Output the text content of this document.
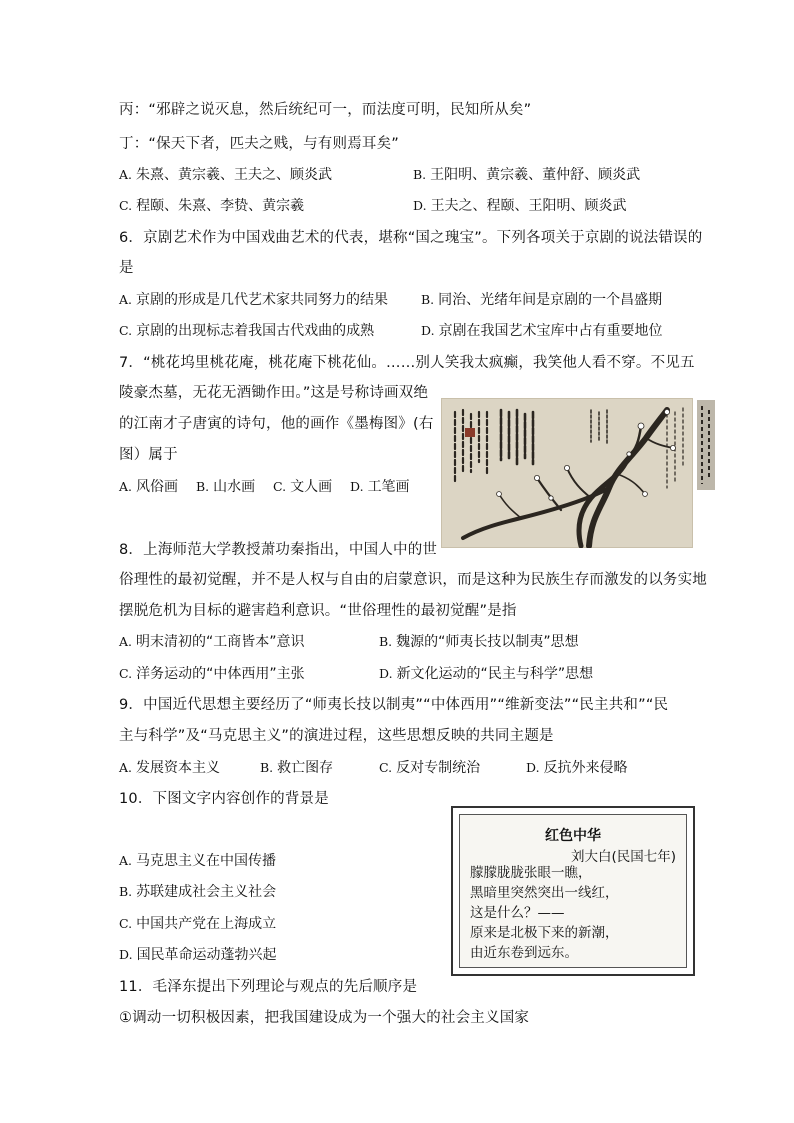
丙：“邪辟之说灭息，然后统纪可一，而法度可明，民知所从矣”
丁：“保天下者，匹夫之贱，与有则焉耳矣”
A. 朱熹、黄宗羲、王夫之、顾炎武	B. 王阳明、黄宗羲、董仲舒、顾炎武
C. 程颐、朱熹、李贽、黄宗羲	D. 王夫之、程颐、王阳明、顾炎武
6．京剧艺术作为中国戏曲艺术的代表，堪称“国之瑰宝”。下列各项关于京剧的说法错误的
是
A. 京剧的形成是几代艺术家共同努力的结果	B. 同治、光绪年间是京剧的一个昌盛期
C. 京剧的出现标志着我国古代戏曲的成熟	D. 京剧在我国艺术宝库中占有重要地位
7．“桃花坞里桃花庵，桃花庵下桃花仙。……别人笑我太疯癫，我笑他人看不穿。不见五
陵豪杰墓，无花无酒锄作田。”这是号称诗画双绝
的江南才子唐寅的诗句，他的画作《墨梅图》(右
图）属于
A. 风俗画 B. 山水画 C. 文人画 D. 工笔画
8．上海师范大学教授萧功秦指出，中国人中的世
俗理性的最初觉醒，并不是人权与自由的启蒙意识，而是这种为民族生存而激发的以务实地
摆脱危机为目标的避害趋利意识。“世俗理性的最初觉醒”是指
A. 明末清初的“工商皆本”意识	B. 魏源的“师夷长技以制夷”思想
C. 洋务运动的“中体西用”主张	D. 新文化运动的“民主与科学”思想
9．中国近代思想主要经历了“师夷长技以制夷”“中体西用”“维新变法”“民主共和”“民
主与科学”及“马克思主义”的演进过程，这些思想反映的共同主题是
A. 发展资本主义	B. 救亡图存	C. 反对专制统治	D. 反抗外来侵略
10．下图文字内容创作的背景是
A. 马克思主义在中国传播
B. 苏联建成社会主义社会
C. 中国共产党在上海成立
D. 国民革命运动蓬勃兴起
红色中华
刘大白(民国七年)
朦朦胧胧张眼一瞧，
黑暗里突然突出一线红，
这是什么？——
原来是北极下来的新潮，
由近东卷到远东。
11．毛泽东提出下列理论与观点的先后顺序是
①调动一切积极因素，把我国建设成为一个强大的社会主义国家
